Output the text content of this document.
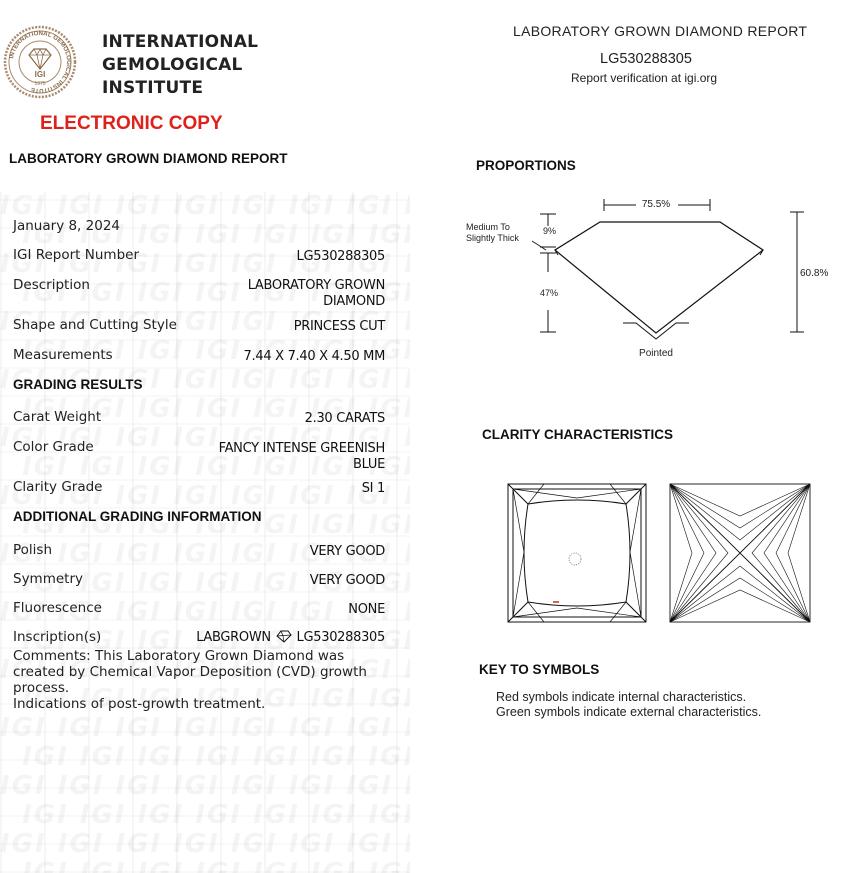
INTERNATIONAL GEMOLOGICAL INSTITUTE
IGI
1975
INTERNATIONAL
GEMOLOGICAL
INSTITUTE
ELECTRONIC COPY
LABORATORY GROWN DIAMOND REPORT
LG530288305
Report verification at igi.org
LABORATORY GROWN DIAMOND REPORT
January 8, 2024
IGI Report Number	LG530288305
Description	LABORATORY GROWN DIAMOND
Shape and Cutting Style	PRINCESS CUT
Measurements	7.44 X 7.40 X 4.50 MM
GRADING RESULTS
Carat Weight	2.30 CARATS
Color Grade	FANCY INTENSE GREENISH BLUE
Clarity Grade	SI 1
ADDITIONAL GRADING INFORMATION
Polish	VERY GOOD
Symmetry	VERY GOOD
Fluorescence	NONE
Inscription(s)	LABGROWN LG530288305
Comments: This Laboratory Grown Diamond was created by Chemical Vapor Deposition (CVD) growth process.
Indications of post-growth treatment.
PROPORTIONS
75.5%
Pointed
9%
47%
Medium To
Slightly Thick
60.8%
CLARITY CHARACTERISTICS
KEY TO SYMBOLS
Red symbols indicate internal characteristics.
Green symbols indicate external characteristics.
